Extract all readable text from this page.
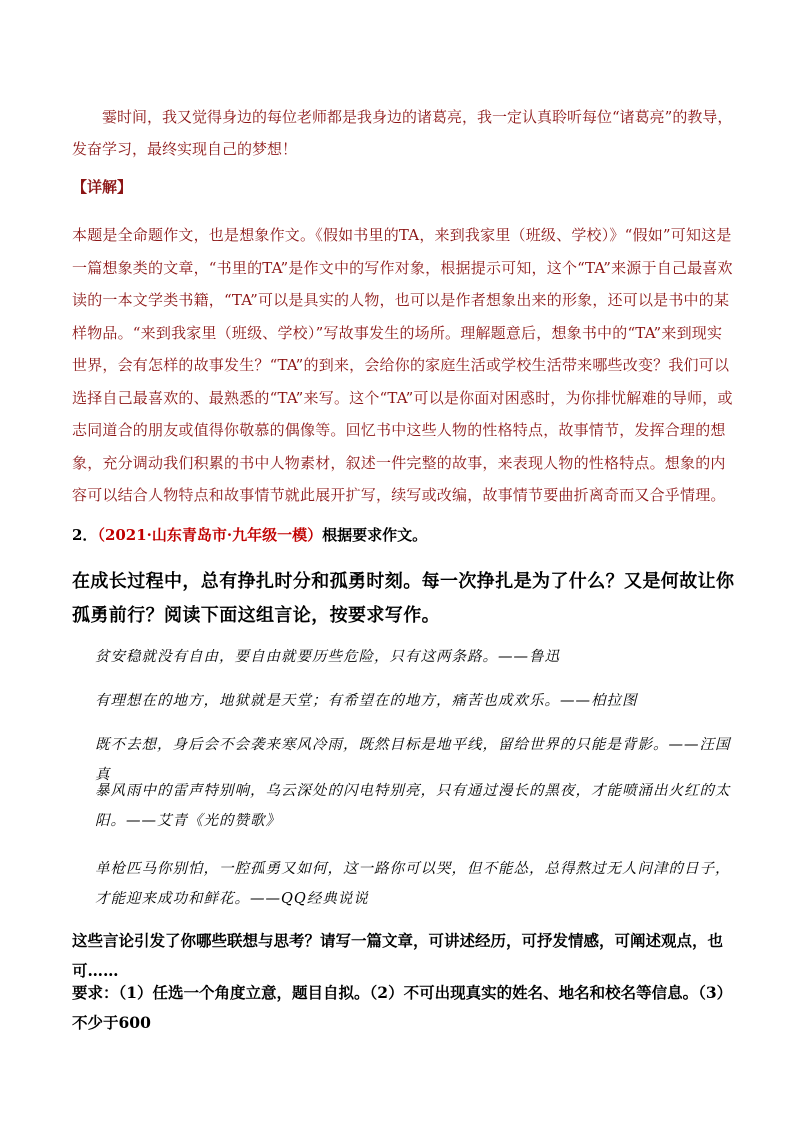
霎时间，我又觉得身边的每位老师都是我身边的诸葛亮，我一定认真聆听每位“诸葛亮”的教导，发奋学习，最终实现自己的梦想！

【详解】

本题是全命题作文，也是想象作文。《假如书里的TA，来到我家里（班级、学校）》“假如”可知这是一篇想象类的文章，“书里的TA”是作文中的写作对象，根据提示可知，这个“TA”来源于自己最喜欢读的一本文学类书籍，“TA”可以是具实的人物，也可以是作者想象出来的形象，还可以是书中的某样物品。“来到我家里（班级、学校）”写故事发生的场所。理解题意后，想象书中的“TA”来到现实世界，会有怎样的故事发生？“TA”的到来，会给你的家庭生活或学校生活带来哪些改变？我们可以选择自己最喜欢的、最熟悉的“TA”来写。这个“TA”可以是你面对困惑时，为你排忧解难的导师，或志同道合的朋友或值得你敬慕的偶像等。回忆书中这些人物的性格特点，故事情节，发挥合理的想象，充分调动我们积累的书中人物素材，叙述一件完整的故事，来表现人物的性格特点。想象的内容可以结合人物特点和故事情节就此展开扩写，续写或改编，故事情节要曲折离奇而又合乎情理。

2．（2021·山东青岛市·九年级一模）根据要求作文。

在成长过程中，总有挣扎时分和孤勇时刻。每一次挣扎是为了什么？又是何故让你孤勇前行？阅读下面这组言论，按要求写作。

贫安稳就没有自由，要自由就要历些危险，只有这两条路。——鲁迅
有理想在的地方，地狱就是天堂；有希望在的地方，痛苦也成欢乐。——柏拉图
既不去想，身后会不会袭来寒风冷雨，既然目标是地平线，留给世界的只能是背影。——汪国真
暴风雨中的雷声特别响，乌云深处的闪电特别亮，只有通过漫长的黑夜，才能喷涌出火红的太阳。——艾青《光的赞歌》
单枪匹马你别怕，一腔孤勇又如何，这一路你可以哭，但不能怂，总得熬过无人问津的日子，才能迎来成功和鲜花。——QQ经典说说
这些言论引发了你哪些联想与思考？请写一篇文章，可讲述经历，可抒发情感，可阐述观点，也可……
要求：（1）任选一个角度立意，题目自拟。（2）不可出现真实的姓名、地名和校名等信息。（3）不少于600
